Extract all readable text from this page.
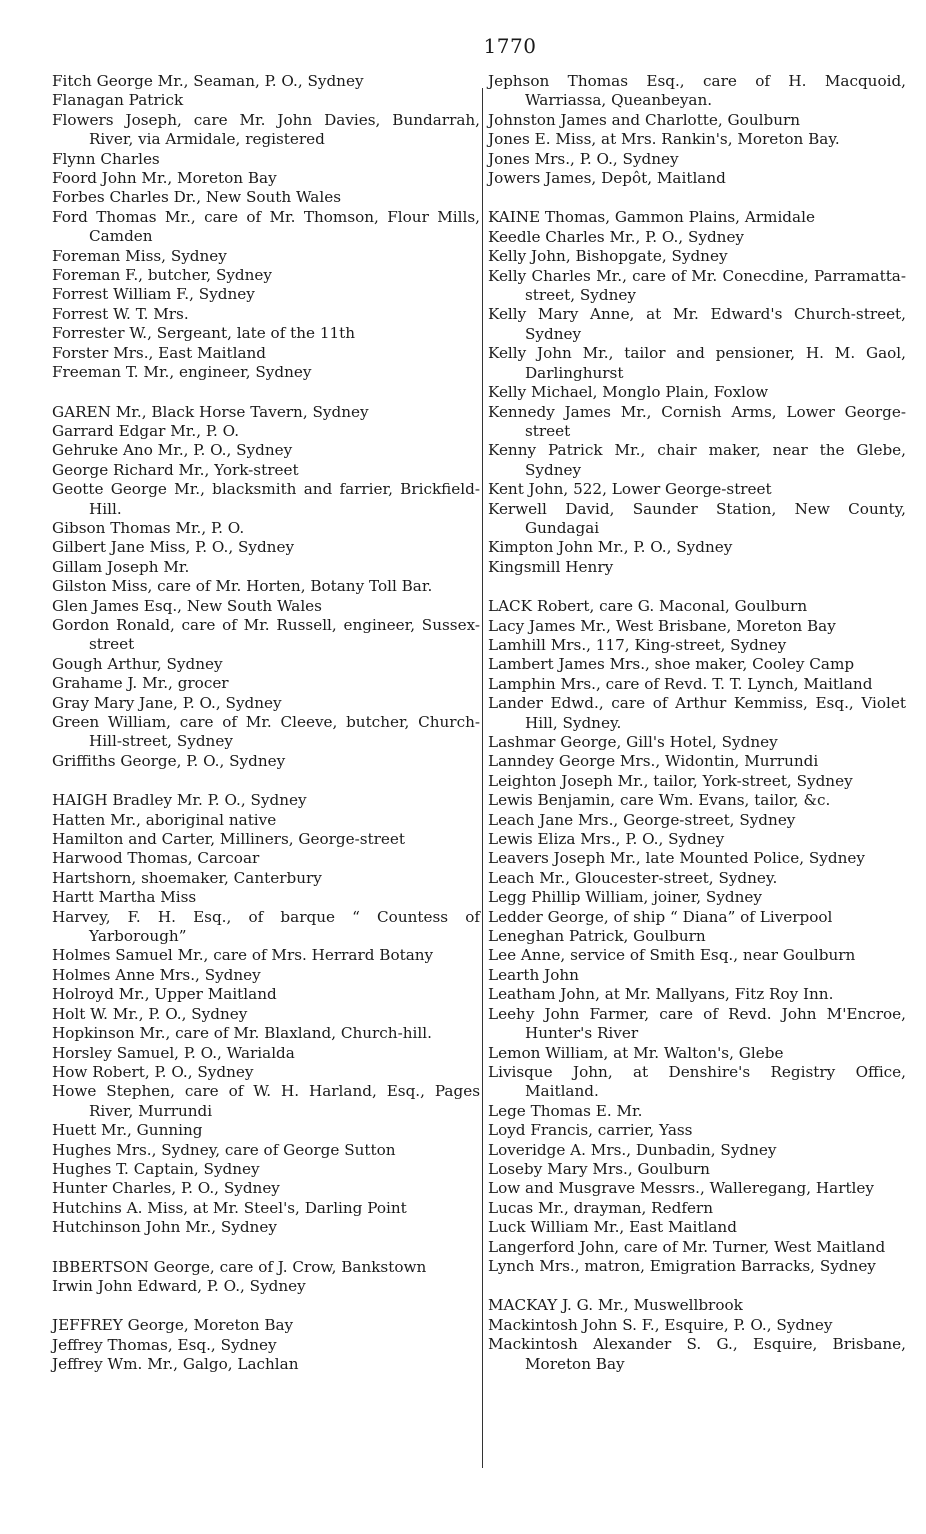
1770

Fitch George Mr., Seaman, P. O., Sydney

Flanagan Patrick

Flowers Joseph, care Mr. John Davies, Bundarrah, River, via Armidale, registered

Flynn Charles

Foord John Mr., Moreton Bay

Forbes Charles Dr., New South Wales

Ford Thomas Mr., care of Mr. Thomson, Flour Mills, Camden

Foreman Miss, Sydney

Foreman F., butcher, Sydney

Forrest William F., Sydney

Forrest W. T. Mrs.

Forrester W., Sergeant, late of the 11th

Forster Mrs., East Maitland

Freeman T. Mr., engineer, Sydney

GAREN Mr., Black Horse Tavern, Sydney

Garrard Edgar Mr., P. O.

Gehruke Ano Mr., P. O., Sydney

George Richard Mr., York-street

Geotte George Mr., blacksmith and farrier, Brickfield-Hill.

Gibson Thomas Mr., P. O.

Gilbert Jane Miss, P. O., Sydney

Gillam Joseph Mr.

Gilston Miss, care of Mr. Horten, Botany Toll Bar.

Glen James Esq., New South Wales

Gordon Ronald, care of Mr. Russell, engineer, Sussex-street

Gough Arthur, Sydney

Grahame J. Mr., grocer

Gray Mary Jane, P. O., Sydney

Green William, care of Mr. Cleeve, butcher, Church-Hill-street, Sydney

Griffiths George, P. O., Sydney

HAIGH Bradley Mr. P. O., Sydney

Hatten Mr., aboriginal native

Hamilton and Carter, Milliners, George-street

Harwood Thomas, Carcoar

Hartshorn, shoemaker, Canterbury

Hartt Martha Miss

Harvey, F. H. Esq., of barque “ Countess of Yarborough”

Holmes Samuel Mr., care of Mrs. Herrard Botany

Holmes Anne Mrs., Sydney

Holroyd Mr., Upper Maitland

Holt W. Mr., P. O., Sydney

Hopkinson Mr., care of Mr. Blaxland, Church-hill.

Horsley Samuel, P. O., Warialda

How Robert, P. O., Sydney

Howe Stephen, care of W. H. Harland, Esq., Pages River, Murrundi

Huett Mr., Gunning

Hughes Mrs., Sydney, care of George Sutton

Hughes T. Captain, Sydney

Hunter Charles, P. O., Sydney

Hutchins A. Miss, at Mr. Steel's, Darling Point

Hutchinson John Mr., Sydney

IBBERTSON George, care of J. Crow, Bankstown

Irwin John Edward, P. O., Sydney

JEFFREY George, Moreton Bay

Jeffrey Thomas, Esq., Sydney

Jeffrey Wm. Mr., Galgo, Lachlan

Jephson Thomas Esq., care of H. Macquoid, Warriassa, Queanbeyan.

Johnston James and Charlotte, Goulburn

Jones E. Miss, at Mrs. Rankin's, Moreton Bay.

Jones Mrs., P. O., Sydney

Jowers James, Depôt, Maitland

KAINE Thomas, Gammon Plains, Armidale

Keedle Charles Mr., P. O., Sydney

Kelly John, Bishopgate, Sydney

Kelly Charles Mr., care of Mr. Conecdine, Parramatta-street, Sydney

Kelly Mary Anne, at Mr. Edward's Church-street, Sydney

Kelly John Mr., tailor and pensioner, H. M. Gaol, Darlinghurst

Kelly Michael, Monglo Plain, Foxlow

Kennedy James Mr., Cornish Arms, Lower George-street

Kenny Patrick Mr., chair maker, near the Glebe, Sydney

Kent John, 522, Lower George-street

Kerwell David, Saunder Station, New County, Gundagai

Kimpton John Mr., P. O., Sydney

Kingsmill Henry

LACK Robert, care G. Maconal, Goulburn

Lacy James Mr., West Brisbane, Moreton Bay

Lamhill Mrs., 117, King-street, Sydney

Lambert James Mrs., shoe maker, Cooley Camp

Lamphin Mrs., care of Revd. T. T. Lynch, Maitland

Lander Edwd., care of Arthur Kemmiss, Esq., Violet Hill, Sydney.

Lashmar George, Gill's Hotel, Sydney

Lanndey George Mrs., Widontin, Murrundi

Leighton Joseph Mr., tailor, York-street, Sydney

Lewis Benjamin, care Wm. Evans, tailor, &c.

Leach Jane Mrs., George-street, Sydney

Lewis Eliza Mrs., P. O., Sydney

Leavers Joseph Mr., late Mounted Police, Sydney

Leach Mr., Gloucester-street, Sydney.

Legg Phillip William, joiner, Sydney

Ledder George, of ship “ Diana” of Liverpool

Leneghan Patrick, Goulburn

Lee Anne, service of Smith Esq., near Goulburn

Learth John

Leatham John, at Mr. Mallyans, Fitz Roy Inn.

Leehy John Farmer, care of Revd. John M'Encroe, Hunter's River

Lemon William, at Mr. Walton's, Glebe

Livisque John, at Denshire's Registry Office, Maitland.

Lege Thomas E. Mr.

Loyd Francis, carrier, Yass

Loveridge A. Mrs., Dunbadin, Sydney

Loseby Mary Mrs., Goulburn

Low and Musgrave Messrs., Walleregang, Hartley

Lucas Mr., drayman, Redfern

Luck William Mr., East Maitland

Langerford John, care of Mr. Turner, West Maitland

Lynch Mrs., matron, Emigration Barracks, Sydney

MACKAY J. G. Mr., Muswellbrook

Mackintosh John S. F., Esquire, P. O., Sydney

Mackintosh Alexander S. G., Esquire, Brisbane, Moreton Bay
